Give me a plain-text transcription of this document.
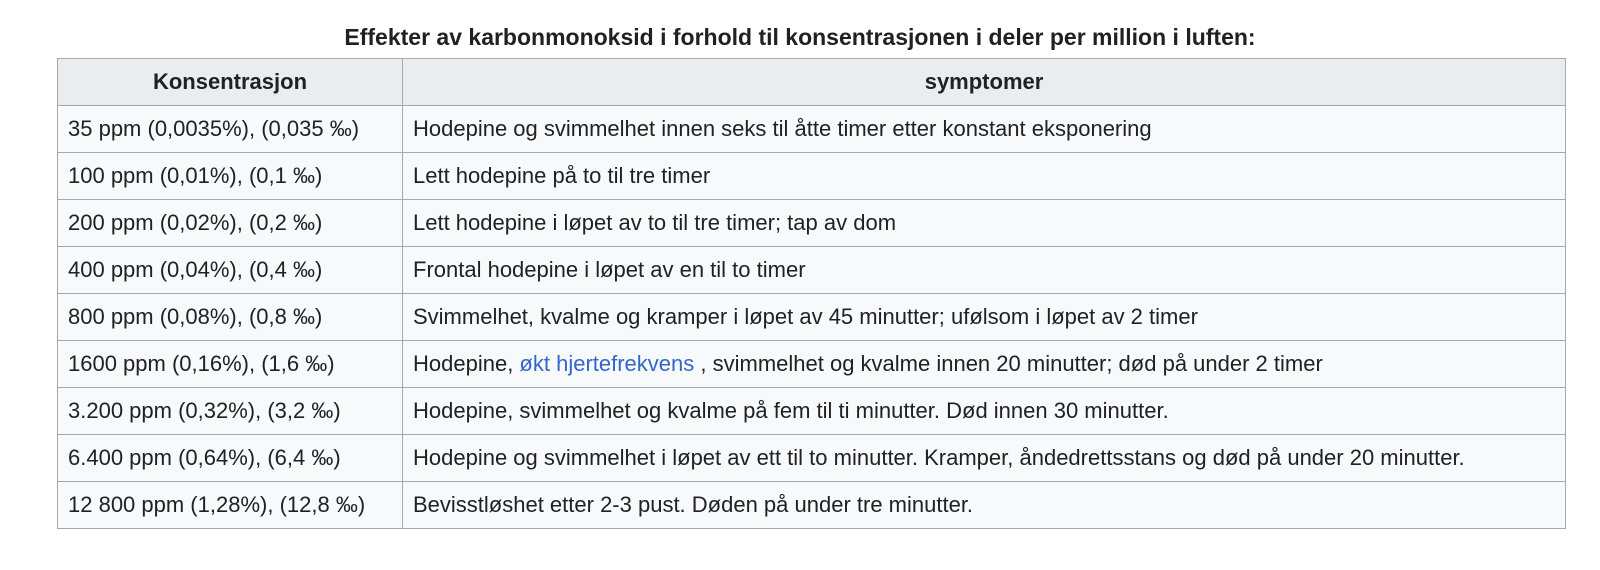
Effekter av karbonmonoksid i forhold til konsentrasjonen i deler per million i luften:
Konsentrasjon	symptomer
35 ppm (0,0035%), (0,035 ‰)	Hodepine og svimmelhet innen seks til åtte timer etter konstant eksponering
100 ppm (0,01%), (0,1 ‰)	Lett hodepine på to til tre timer
200 ppm (0,02%), (0,2 ‰)	Lett hodepine i løpet av to til tre timer; tap av dom
400 ppm (0,04%), (0,4 ‰)	Frontal hodepine i løpet av en til to timer
800 ppm (0,08%), (0,8 ‰)	Svimmelhet, kvalme og kramper i løpet av 45 minutter; ufølsom i løpet av 2 timer
1600 ppm (0,16%), (1,6 ‰)	Hodepine, økt hjertefrekvens , svimmelhet og kvalme innen 20 minutter; død på under 2 timer
3.200 ppm (0,32%), (3,2 ‰)	Hodepine, svimmelhet og kvalme på fem til ti minutter. Død innen 30 minutter.
6.400 ppm (0,64%), (6,4 ‰)	Hodepine og svimmelhet i løpet av ett til to minutter. Kramper, åndedrettsstans og død på under 20 minutter.
12 800 ppm (1,28%), (12,8 ‰)	Bevisstløshet etter 2-3 pust. Døden på under tre minutter.
